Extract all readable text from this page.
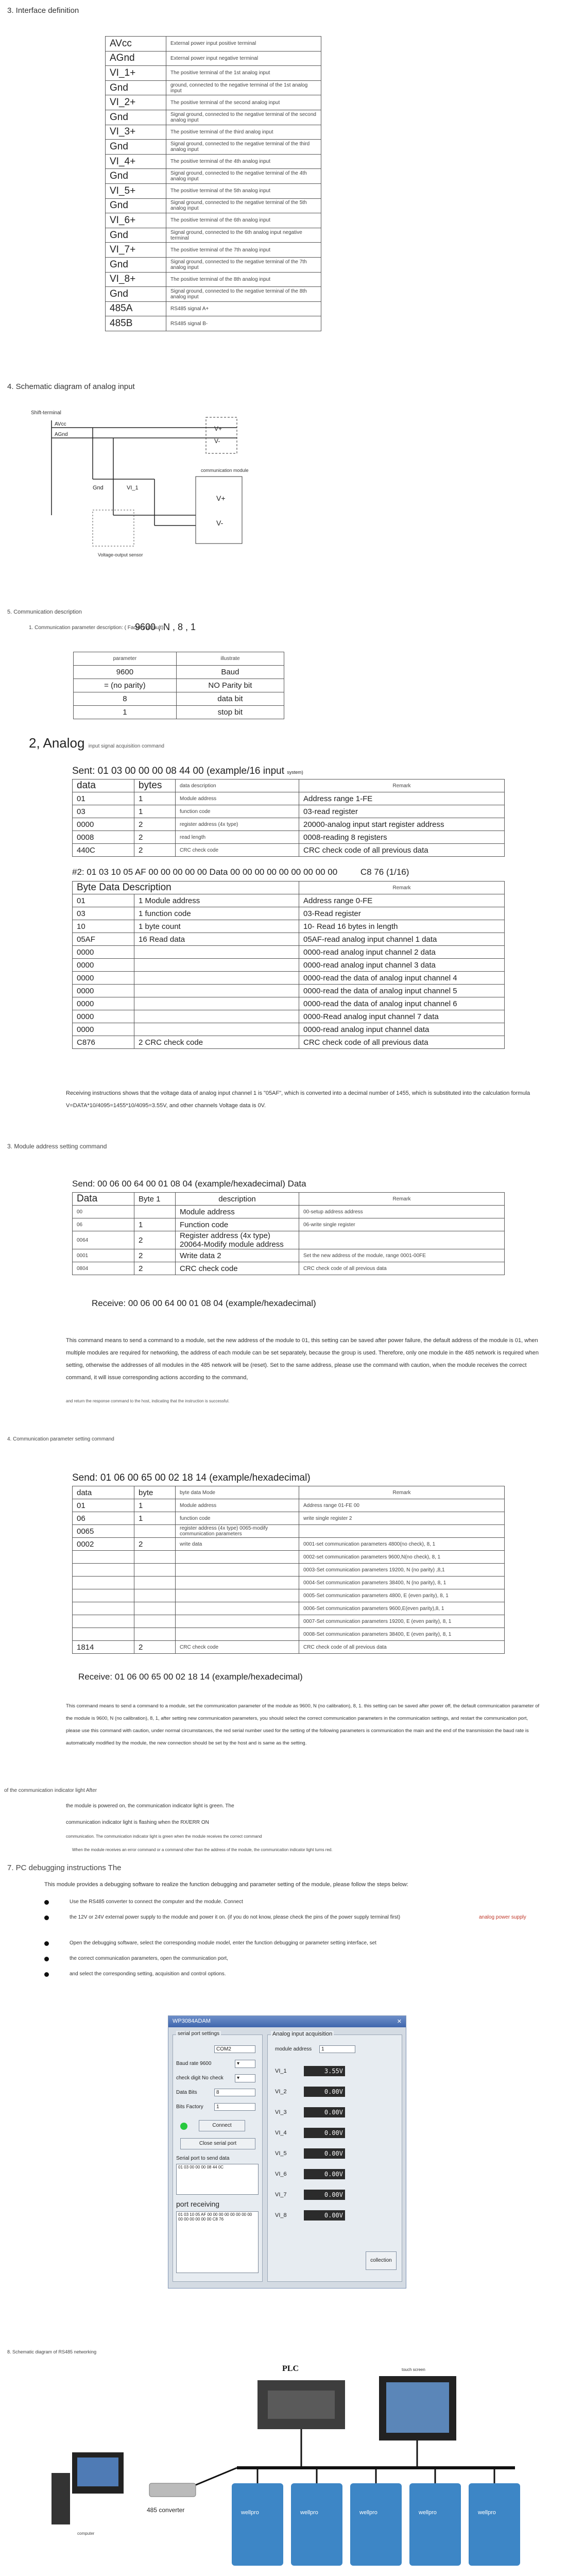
3. Interface definition
AVcc	External power input positive terminal
AGnd	External power input negative terminal
VI_1+	The positive terminal of the 1st analog input
Gnd	ground, connected to the negative terminal of the 1st analog input
VI_2+	The positive terminal of the second analog input
Gnd	Signal ground, connected to the negative terminal of the second analog input
VI_3+	The positive terminal of the third analog input
Gnd	Signal ground, connected to the negative terminal of the third analog input
VI_4+	The positive terminal of the 4th analog input
Gnd	Signal ground, connected to the negative terminal of the 4th analog input
VI_5+	The positive terminal of the 5th analog input
Gnd	Signal ground, connected to the negative terminal of the 5th analog input
VI_6+	The positive terminal of the 6th analog input
Gnd	Signal ground, connected to the 6th analog input negative terminal
VI_7+	The positive terminal of the 7th analog input
Gnd	Signal ground, connected to the negative terminal of the 7th analog input
VI_8+	The positive terminal of the 8th analog input
Gnd	Signal ground, connected to the negative terminal of the 8th analog input
485A	RS485 signal A+
485B	RS485 signal B-
4. Schematic diagram of analog input
Shift-terminal
AVcc
AGnd
V+
V-
communication module
V+
V-
Gnd	VI_1
Voltage-output sensor
5. Communication description
1. Communication parameter description: ( Factory default)
9600 , N , 8 , 1
parameter	illustrate
9600	Baud
= (no parity)	NO Parity bit
8	data bit
1	stop bit
2, Analog input signal acquisition command
Sent: 01 03 00 00 00 08 44 00 (example/16 input system)
data	bytes	data description	Remark
01	1	Module address	Address range 1-FE
03	1	function code	03-read register
0000	2	register address (4x type)	20000-analog input start register address
0008	2	read length	0008-reading 8 registers
440C	2	CRC check code	CRC check code of all previous data
#2: 01 03 10 05 AF 00 00 00 00 00 Data 00 00 00 00 00 00 00 00 00	C8 76 (1/16)
Byte Data Description		Remark
01	1 Module address	Address range 0-FE
03	1 function code	03-Read register
10	1 byte count	10- Read 16 bytes in length
05AF	16 Read data	05AF-read analog input channel 1 data
0000		0000-read analog input channel 2 data
0000		0000-read analog input channel 3 data
0000		0000-read the data of analog input channel 4
0000		0000-read the data of analog input channel 5
0000		0000-read the data of analog input channel 6
0000		0000-Read analog input channel 7 data
0000		0000-read analog input channel data
C876	2 CRC check code	CRC check code of all previous data
Receiving instructions shows that the voltage data of analog input channel 1 is "05AF", which is converted into a decimal number of 1455, which is substituted into the calculation formula V=DATA*10/4095=1455*10/4095=3.55V, and other channels Voltage data is 0V.
3. Module address setting command
Send: 00 06 00 64 00 01 08 04 (example/hexadecimal) Data
Data	Byte 1	description	Remark
00		Module address	00-setup address address
06	1	Function code	06-write single register
0064	2	Register address (4x type) 20064-Modify module address	
0001	2	Write data 2	Set the new address of the module, range 0001-00FE
0804	2	CRC check code	CRC check code of all previous data
Receive: 00 06 00 64 00 01 08 04 (example/hexadecimal)
This command means to send a command to a module, set the new address of the module to 01, this setting can be saved after power failure, the default address of the module is 01, when multiple modules are required for networking, the address of each module can be set separately, because the group is used. Therefore, only one module in the 485 network is required when setting, otherwise the addresses of all modules in the 485 network will be (reset). Set to the same address, please use the command with caution, when the module receives the correct command, it will issue corresponding actions according to the command,
and return the response command to the host, indicating that the instruction is successful.
4. Communication parameter setting command
Send: 01 06 00 65 00 02 18 14 (example/hexadecimal)
data	byte	byte data Mode	Remark
01	1	Module address	Address range 01-FE 00
06	1	function code	write single register 2
0065		register address (4x type) 0065-modify communication parameters	
0002	2	write data	0001-set communication parameters 4800(no check), 8, 1
			0002-set communication parameters 9600,N(no check), 8, 1
			0003-Set communication parameters 19200, N (no parity) ,8,1
			0004-Set communication parameters 38400, N (no parity), 8, 1
			0005-Set communication parameters 4800, E (even parity), 8, 1
			0006-Set communication parameters 9600,E(even parity),8, 1
			0007-Set communication parameters 19200, E (even parity), 8, 1
			0008-Set communication parameters 38400, E (even parity), 8, 1
1814	2	CRC check code	CRC check code of all previous data
Receive: 01 06 00 65 00 02 18 14 (example/hexadecimal)
This command means to send a command to a module, set the communication parameter of the module as 9600, N (no calibration), 8, 1. this setting can be saved after power off, the default communication parameter of the module is 9600, N (no calibration), 8, 1, after setting new communication parameters, you should select the correct communication parameters in the communication settings, and restart the communication port, please use this command with caution, under normal circumstances, the red serial number used for the setting of the following parameters is communication the main and the end of the transmission the baud rate is automatically modified by the module, the new connection should be set by the host and is same as the setting.
of the communication indicator light After
the module is powered on, the communication indicator light is green. The
communication indicator light is flashing when the RX/ERR ON
communication. The communication indicator light is green when the module receives the correct command
When the module receives an error command or a command other than the address of the module, the communication indicator light turns red.
7. PC debugging instructions The
This module provides a debugging software to realize the function debugging and parameter setting of the module, please follow the steps below:
Use the RS485 converter to connect the computer and the module. Connect
the 12V or 24V external power supply to the module and power it on. (if you do not know, please check the pins of the power supply terminal first)	analog power supply
Open the debugging software, select the corresponding module model, enter the function debugging or parameter setting interface, set
the correct communication parameters, open the communication port,
and select the corresponding setting, acquisition and control options.
WP3084ADAM	✕
serial port settings
COM2
Baud rate 9600	▾
check digit No check	▾
Data Bits	8
Bits Factory	1
Connect
Close serial port
Serial port to send data
01 03 00 00 00 08 44 0C
port receiving
01 03 10 05 AF 00 00 00 00 00 00 00 00 00 00 00 00 00 00 C8 76
Analog input acquisition
module address	1
VI_1	3.55V
VI_2	0.00V
VI_3	0.00V
VI_4	0.00V
VI_5	0.00V
VI_6	0.00V
VI_7	0.00V
VI_8	0.00V
collection
8. Schematic diagram of RS485 networking
PLC	touch screen
computer
485 converter	wellpro	wellpro	wellpro	wellpro	wellpro
